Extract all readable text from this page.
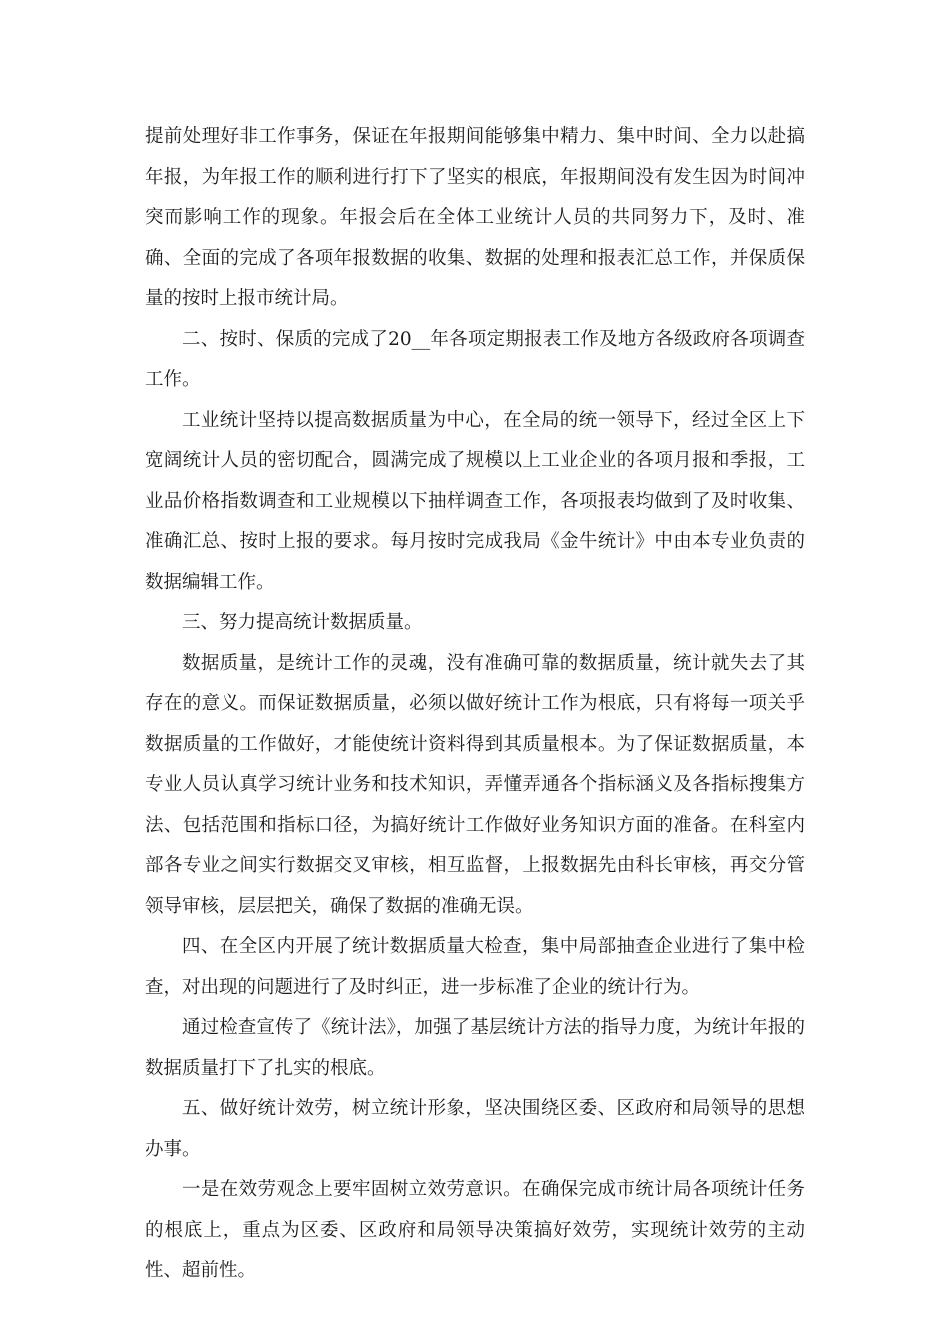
提前处理好非工作事务，保证在年报期间能够集中精力、集中时间、全力以赴搞年报，为年报工作的顺利进行打下了坚实的根底，年报期间没有发生因为时间冲突而影响工作的现象。年报会后在全体工业统计人员的共同努力下，及时、准确、全面的完成了各项年报数据的收集、数据的处理和报表汇总工作，并保质保量的按时上报市统计局。

二、按时、保质的完成了20__年各项定期报表工作及地方各级政府各项调查工作。

工业统计坚持以提高数据质量为中心，在全局的统一领导下，经过全区上下宽阔统计人员的密切配合，圆满完成了规模以上工业企业的各项月报和季报，工业品价格指数调查和工业规模以下抽样调查工作，各项报表均做到了及时收集、准确汇总、按时上报的要求。每月按时完成我局《金牛统计》中由本专业负责的数据编辑工作。

三、努力提高统计数据质量。

数据质量，是统计工作的灵魂，没有准确可靠的数据质量，统计就失去了其存在的意义。而保证数据质量，必须以做好统计工作为根底，只有将每一项关乎数据质量的工作做好，才能使统计资料得到其质量根本。为了保证数据质量，本专业人员认真学习统计业务和技术知识，弄懂弄通各个指标涵义及各指标搜集方法、包括范围和指标口径，为搞好统计工作做好业务知识方面的准备。在科室内部各专业之间实行数据交叉审核，相互监督，上报数据先由科长审核，再交分管领导审核，层层把关，确保了数据的准确无误。

四、在全区内开展了统计数据质量大检查，集中局部抽查企业进行了集中检查，对出现的问题进行了及时纠正，进一步标准了企业的统计行为。

通过检查宣传了《统计法》，加强了基层统计方法的指导力度，为统计年报的数据质量打下了扎实的根底。

五、做好统计效劳，树立统计形象，坚决围绕区委、区政府和局领导的思想办事。

一是在效劳观念上要牢固树立效劳意识。在确保完成市统计局各项统计任务的根底上，重点为区委、区政府和局领导决策搞好效劳，实现统计效劳的主动性、超前性。
